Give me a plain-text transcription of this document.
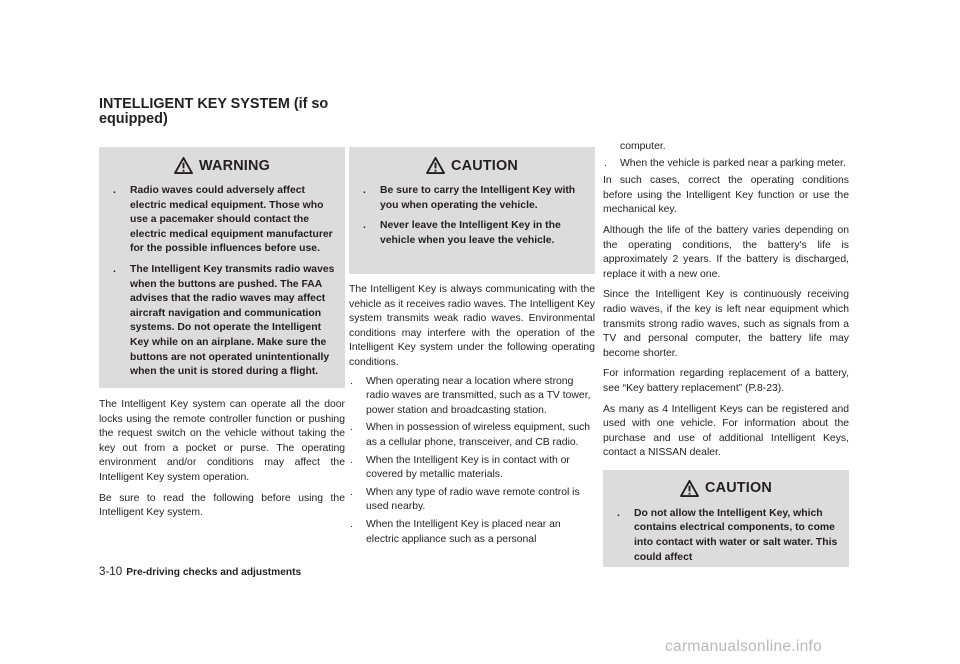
INTELLIGENT KEY SYSTEM (if so equipped)
WARNING
. Radio waves could adversely affect electric medical equipment. Those who use a pacemaker should contact the electric medical equipment manufacturer for the possible influences before use.
. The Intelligent Key transmits radio waves when the buttons are pushed. The FAA advises that the radio waves may affect aircraft navigation and communication systems. Do not operate the Intelligent Key while on an airplane. Make sure the buttons are not operated unintentionally when the unit is stored during a flight.

The Intelligent Key system can operate all the door locks using the remote controller function or pushing the request switch on the vehicle without taking the key out from a pocket or purse. The operating environment and/or conditions may affect the Intelligent Key system operation.

Be sure to read the following before using the Intelligent Key system.

CAUTION
. Be sure to carry the Intelligent Key with you when operating the vehicle.
. Never leave the Intelligent Key in the vehicle when you leave the vehicle.

The Intelligent Key is always communicating with the vehicle as it receives radio waves. The Intelligent Key system transmits weak radio waves. Environmental conditions may interfere with the operation of the Intelligent Key system under the following operating conditions.

. When operating near a location where strong radio waves are transmitted, such as a TV tower, power station and broadcasting station.
. When in possession of wireless equipment, such as a cellular phone, transceiver, and CB radio.
. When the Intelligent Key is in contact with or covered by metallic materials.
. When any type of radio wave remote control is used nearby.
. When the Intelligent Key is placed near an electric appliance such as a personal
computer.
. When the vehicle is parked near a parking meter.

In such cases, correct the operating conditions before using the Intelligent Key function or use the mechanical key.

Although the life of the battery varies depending on the operating conditions, the battery's life is approximately 2 years. If the battery is discharged, replace it with a new one.

Since the Intelligent Key is continuously receiving radio waves, if the key is left near equipment which transmits strong radio waves, such as signals from a TV and personal computer, the battery life may become shorter.

For information regarding replacement of a battery, see “Key battery replacement” (P.8-23).

As many as 4 Intelligent Keys can be registered and used with one vehicle. For information about the purchase and use of additional Intelligent Keys, contact a NISSAN dealer.

CAUTION
. Do not allow the Intelligent Key, which contains electrical components, to come into contact with water or salt water. This could affect
3-10 Pre-driving checks and adjustments
carmanualsonline.info
